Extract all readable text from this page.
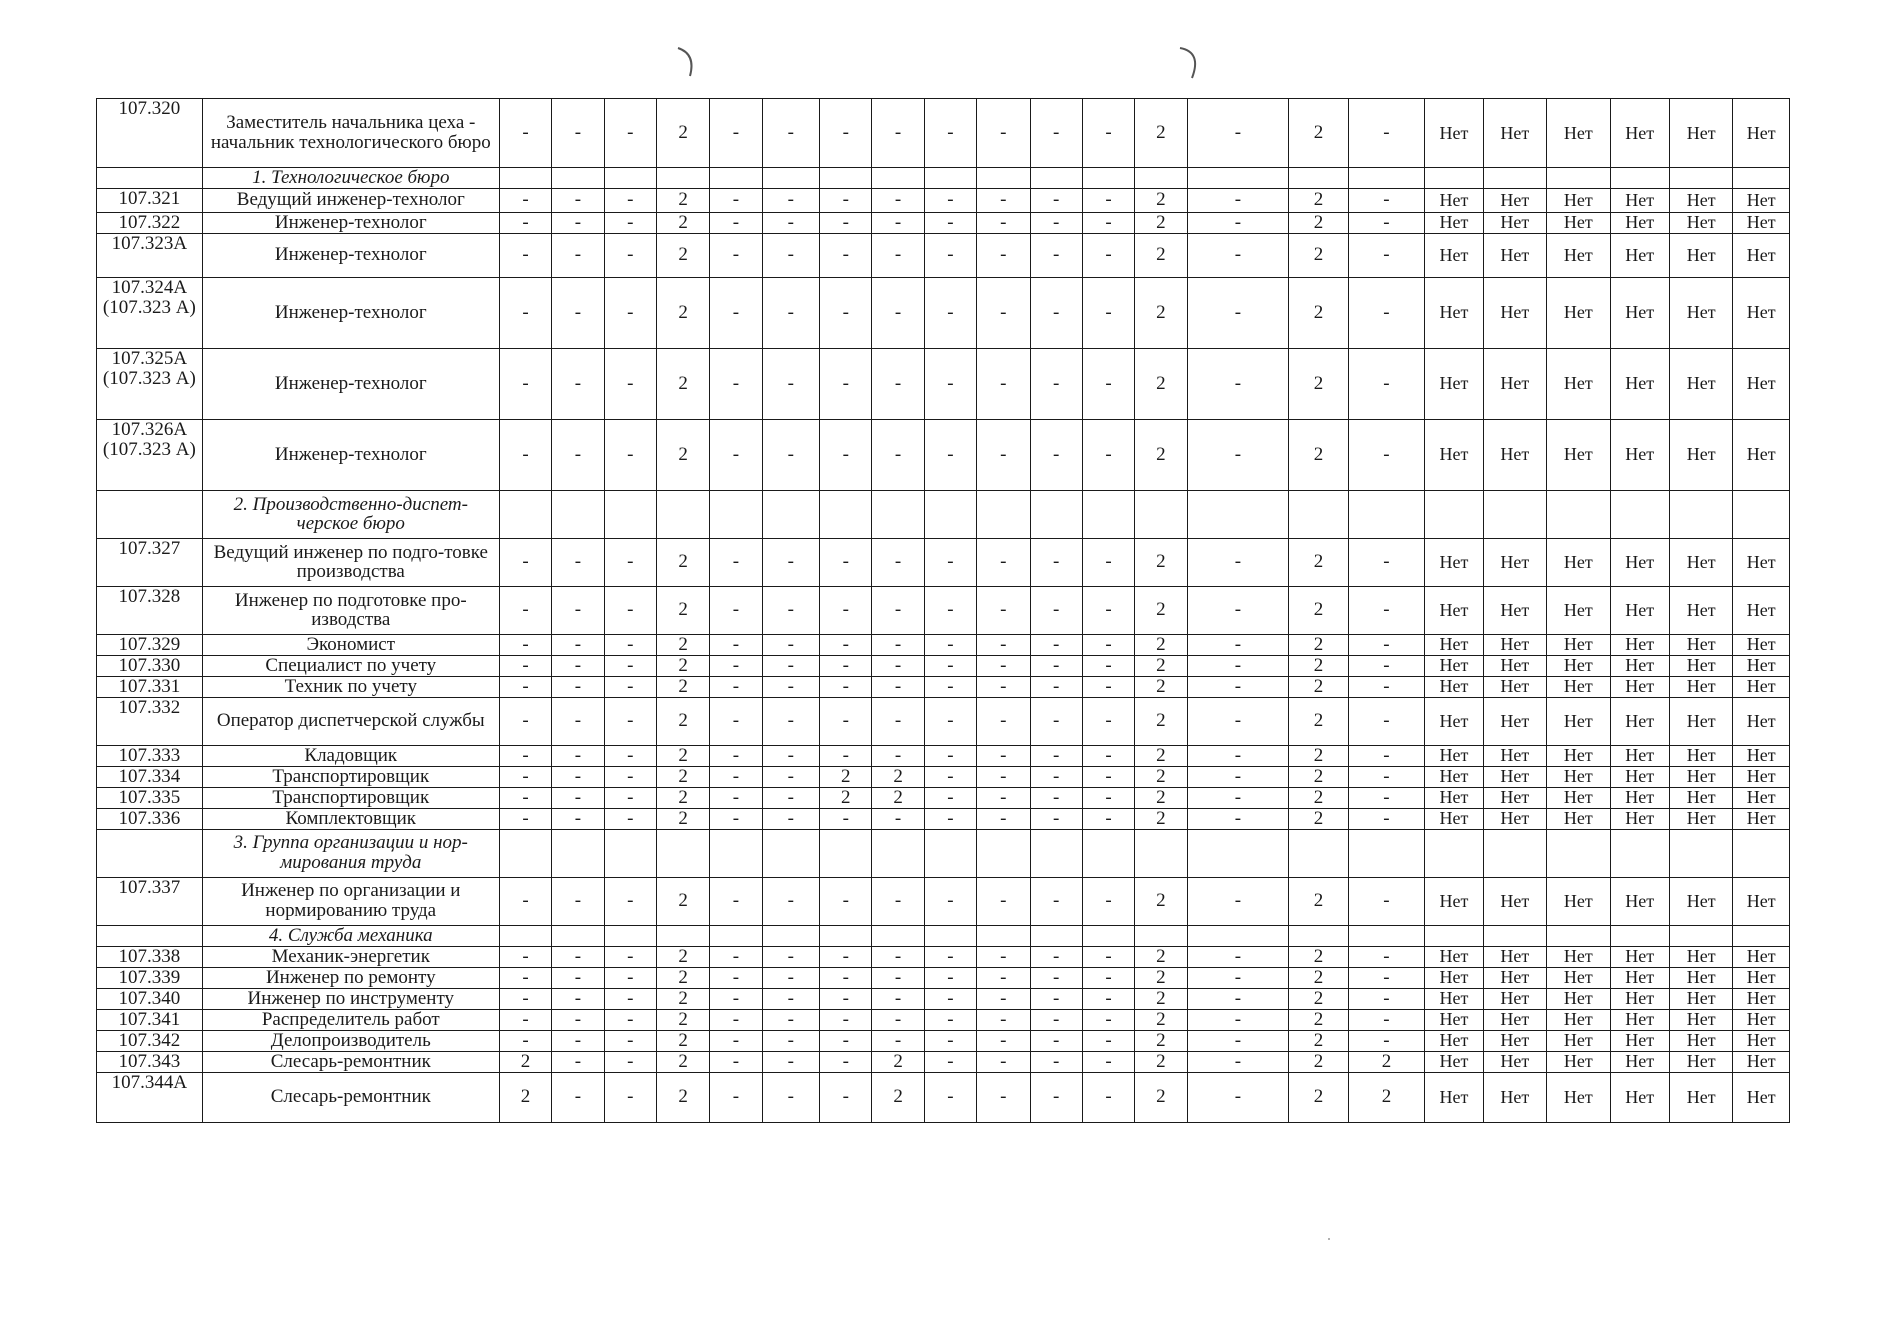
107.320	Заместитель начальника цеха - начальник технологического бюро	-	-	-	2	-	-	-	-	-	-	-	-	2	-	2	-	Нет	Нет	Нет	Нет	Нет	Нет
	1. Технологическое бюро																						
107.321	Ведущий инженер-технолог	-	-	-	2	-	-	-	-	-	-	-	-	2	-	2	-	Нет	Нет	Нет	Нет	Нет	Нет
107.322	Инженер-технолог	-	-	-	2	-	-	-	-	-	-	-	-	2	-	2	-	Нет	Нет	Нет	Нет	Нет	Нет
107.323А	Инженер-технолог	-	-	-	2	-	-	-	-	-	-	-	-	2	-	2	-	Нет	Нет	Нет	Нет	Нет	Нет
107.324А (107.323 А)	Инженер-технолог	-	-	-	2	-	-	-	-	-	-	-	-	2	-	2	-	Нет	Нет	Нет	Нет	Нет	Нет
107.325А (107.323 А)	Инженер-технолог	-	-	-	2	-	-	-	-	-	-	-	-	2	-	2	-	Нет	Нет	Нет	Нет	Нет	Нет
107.326А (107.323 А)	Инженер-технолог	-	-	-	2	-	-	-	-	-	-	-	-	2	-	2	-	Нет	Нет	Нет	Нет	Нет	Нет
	2. Производственно-диспет-черское бюро																						
107.327	Ведущий инженер по подго-товке производства	-	-	-	2	-	-	-	-	-	-	-	-	2	-	2	-	Нет	Нет	Нет	Нет	Нет	Нет
107.328	Инженер по подготовке про-изводства	-	-	-	2	-	-	-	-	-	-	-	-	2	-	2	-	Нет	Нет	Нет	Нет	Нет	Нет
107.329	Экономист	-	-	-	2	-	-	-	-	-	-	-	-	2	-	2	-	Нет	Нет	Нет	Нет	Нет	Нет
107.330	Специалист по учету	-	-	-	2	-	-	-	-	-	-	-	-	2	-	2	-	Нет	Нет	Нет	Нет	Нет	Нет
107.331	Техник по учету	-	-	-	2	-	-	-	-	-	-	-	-	2	-	2	-	Нет	Нет	Нет	Нет	Нет	Нет
107.332	Оператор диспетчерской службы	-	-	-	2	-	-	-	-	-	-	-	-	2	-	2	-	Нет	Нет	Нет	Нет	Нет	Нет
107.333	Кладовщик	-	-	-	2	-	-	-	-	-	-	-	-	2	-	2	-	Нет	Нет	Нет	Нет	Нет	Нет
107.334	Транспортировщик	-	-	-	2	-	-	2	2	-	-	-	-	2	-	2	-	Нет	Нет	Нет	Нет	Нет	Нет
107.335	Транспортировщик	-	-	-	2	-	-	2	2	-	-	-	-	2	-	2	-	Нет	Нет	Нет	Нет	Нет	Нет
107.336	Комплектовщик	-	-	-	2	-	-	-	-	-	-	-	-	2	-	2	-	Нет	Нет	Нет	Нет	Нет	Нет
	3. Группа организации и нор-мирования труда																						
107.337	Инженер по организации и нормированию труда	-	-	-	2	-	-	-	-	-	-	-	-	2	-	2	-	Нет	Нет	Нет	Нет	Нет	Нет
	4. Служба механика																						
107.338	Механик-энергетик	-	-	-	2	-	-	-	-	-	-	-	-	2	-	2	-	Нет	Нет	Нет	Нет	Нет	Нет
107.339	Инженер по ремонту	-	-	-	2	-	-	-	-	-	-	-	-	2	-	2	-	Нет	Нет	Нет	Нет	Нет	Нет
107.340	Инженер по инструменту	-	-	-	2	-	-	-	-	-	-	-	-	2	-	2	-	Нет	Нет	Нет	Нет	Нет	Нет
107.341	Распределитель работ	-	-	-	2	-	-	-	-	-	-	-	-	2	-	2	-	Нет	Нет	Нет	Нет	Нет	Нет
107.342	Делопроизводитель	-	-	-	2	-	-	-	-	-	-	-	-	2	-	2	-	Нет	Нет	Нет	Нет	Нет	Нет
107.343	Слесарь-ремонтник	2	-	-	2	-	-	-	2	-	-	-	-	2	-	2	2	Нет	Нет	Нет	Нет	Нет	Нет
107.344А	Слесарь-ремонтник	2	-	-	2	-	-	-	2	-	-	-	-	2	-	2	2	Нет	Нет	Нет	Нет	Нет	Нет
